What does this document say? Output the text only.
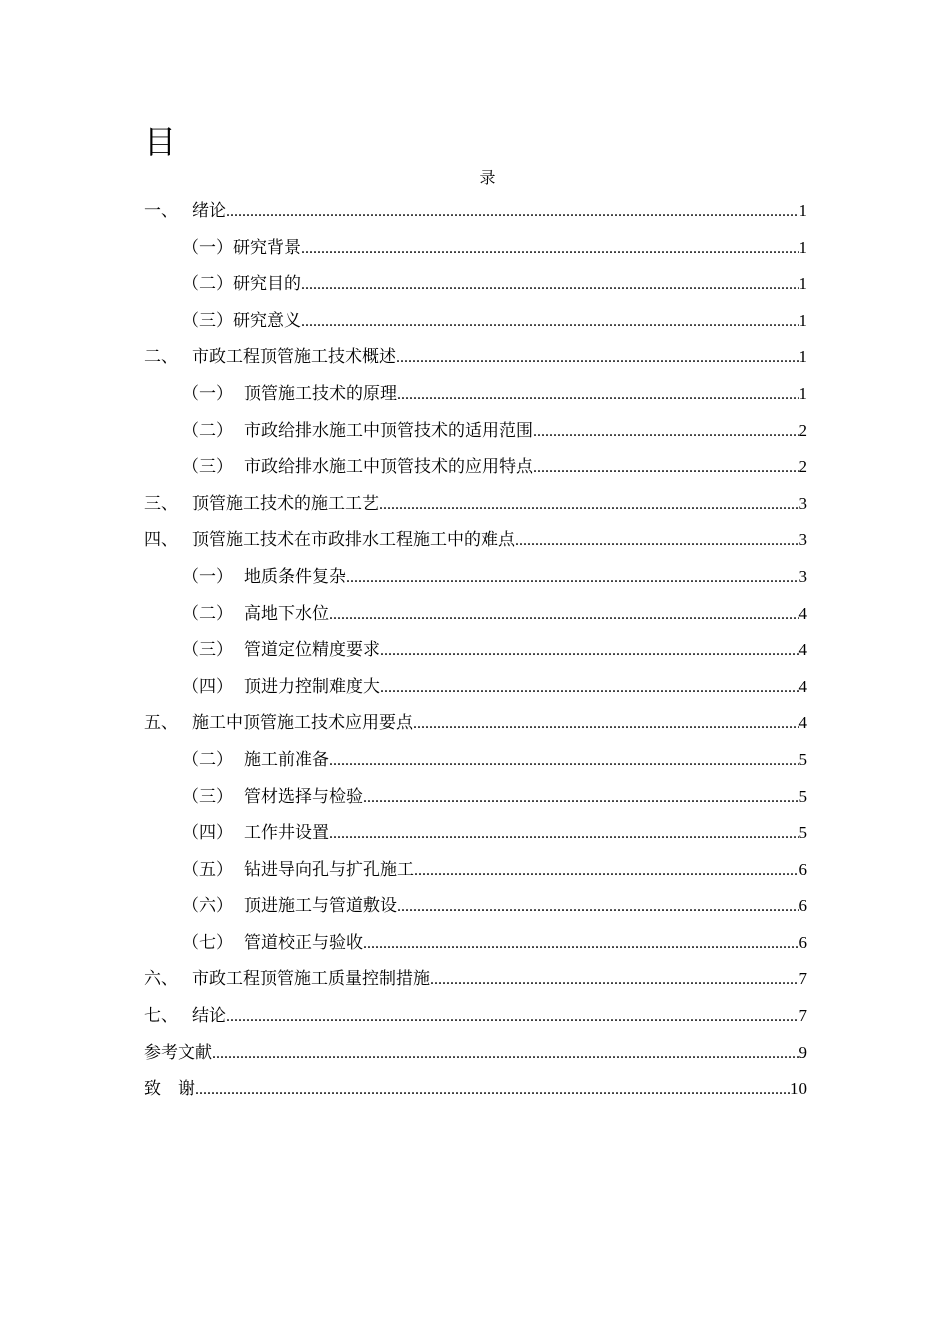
目
录
一、 绪论 .....	1
（一） 研究背景 .....	1
（二） 研究目的 .....	1
（三） 研究意义 .....	1
二、 市政工程顶管施工技术概述 .....	1
（一） 顶管施工技术的原理 .....	1
（二） 市政给排水施工中顶管技术的适用范围 .....	2
（三） 市政给排水施工中顶管技术的应用特点 .....	2
三、 顶管施工技术的施工工艺 .....	3
四、 顶管施工技术在市政排水工程施工中的难点 .....	3
（一） 地质条件复杂 .....	3
（二） 高地下水位 .....	4
（三） 管道定位精度要求 .....	4
（四） 顶进力控制难度大 .....	4
五、 施工中顶管施工技术应用要点 .....	4
（二） 施工前准备 .....	5
（三） 管材选择与检验 .....	5
（四） 工作井设置 .....	5
（五） 钻进导向孔与扩孔施工 .....	6
（六） 顶进施工与管道敷设 .....	6
（七） 管道校正与验收 .....	6
六、 市政工程顶管施工质量控制措施 .....	7
七、 结论 .....	7
参考文献 .....	9
致　谢 .....	10
